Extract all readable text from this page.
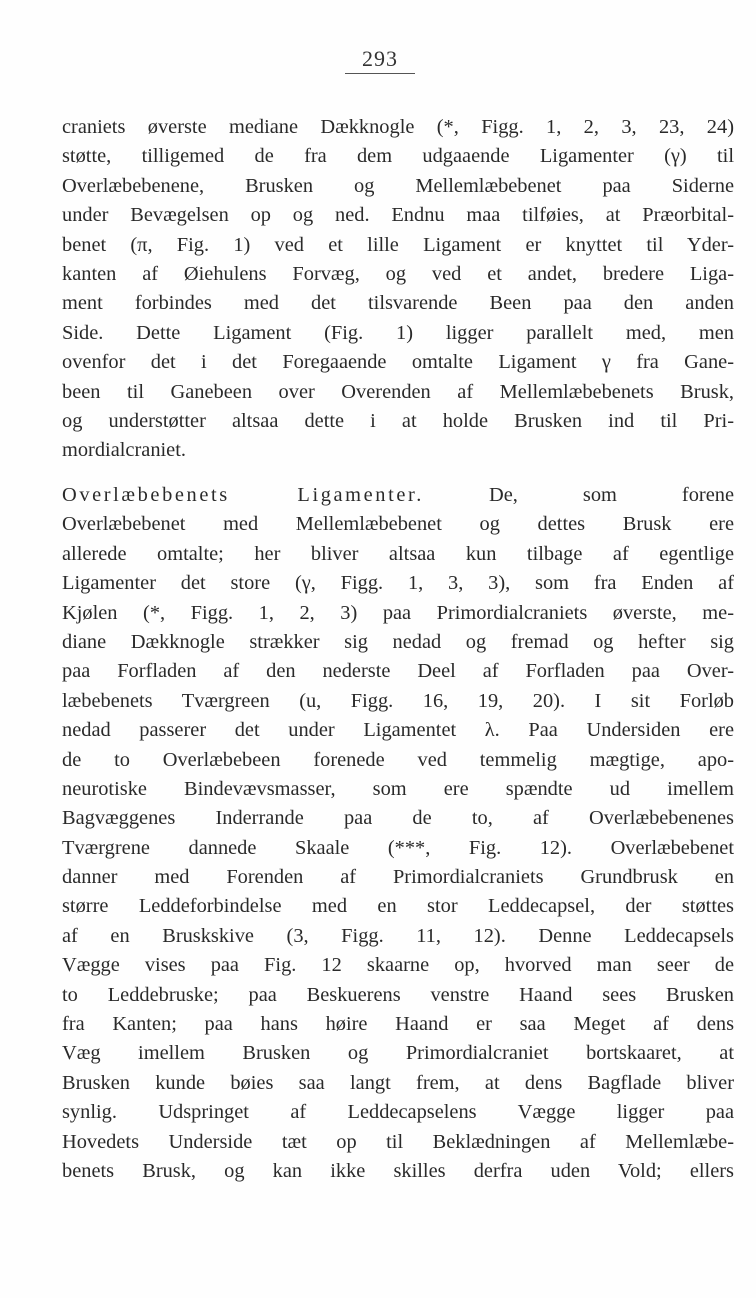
293
craniets øverste mediane Dækknogle (*, Figg. 1, 2, 3, 23, 24)
støtte, tilligemed de fra dem udgaaende Ligamenter (γ) til
Overlæbebenene, Brusken og Mellemlæbebenet paa Siderne
under Bevægelsen op og ned. Endnu maa tilføies, at Præorbital-
benet (π, Fig. 1) ved et lille Ligament er knyttet til Yder-
kanten af Øiehulens Forvæg, og ved et andet, bredere Liga-
ment forbindes med det tilsvarende Been paa den anden
Side. Dette Ligament (Fig. 1) ligger parallelt med, men
ovenfor det i det Foregaaende omtalte Ligament γ fra Gane-
been til Ganebeen over Overenden af Mellemlæbebenets Brusk,
og understøtter altsaa dette i at holde Brusken ind til Pri-
mordialcraniet.
Overlæbebenets Ligamenter. De, som forene
Overlæbebenet med Mellemlæbebenet og dettes Brusk ere
allerede omtalte; her bliver altsaa kun tilbage af egentlige
Ligamenter det store (γ, Figg. 1, 3, 3), som fra Enden af
Kjølen (*, Figg. 1, 2, 3) paa Primordialcraniets øverste, me-
diane Dækknogle strækker sig nedad og fremad og hefter sig
paa Forfladen af den nederste Deel af Forfladen paa Over-
læbebenets Tværgreen (u, Figg. 16, 19, 20). I sit Forløb
nedad passerer det under Ligamentet λ. Paa Undersiden ere
de to Overlæbebeen forenede ved temmelig mægtige, apo-
neurotiske Bindevævsmasser, som ere spændte ud imellem
Bagvæggenes Inderrande paa de to, af Overlæbebenenes
Tværgrene dannede Skaale (***, Fig. 12). Overlæbebenet
danner med Forenden af Primordialcraniets Grundbrusk en
større Leddeforbindelse med en stor Leddecapsel, der støttes
af en Bruskskive (3, Figg. 11, 12). Denne Leddecapsels
Vægge vises paa Fig. 12 skaarne op, hvorved man seer de
to Leddebruske; paa Beskuerens venstre Haand sees Brusken
fra Kanten; paa hans høire Haand er saa Meget af dens
Væg imellem Brusken og Primordialcraniet bortskaaret, at
Brusken kunde bøies saa langt frem, at dens Bagflade bliver
synlig. Udspringet af Leddecapselens Vægge ligger paa
Hovedets Underside tæt op til Beklædningen af Mellemlæbe-
benets Brusk, og kan ikke skilles derfra uden Vold; ellers
